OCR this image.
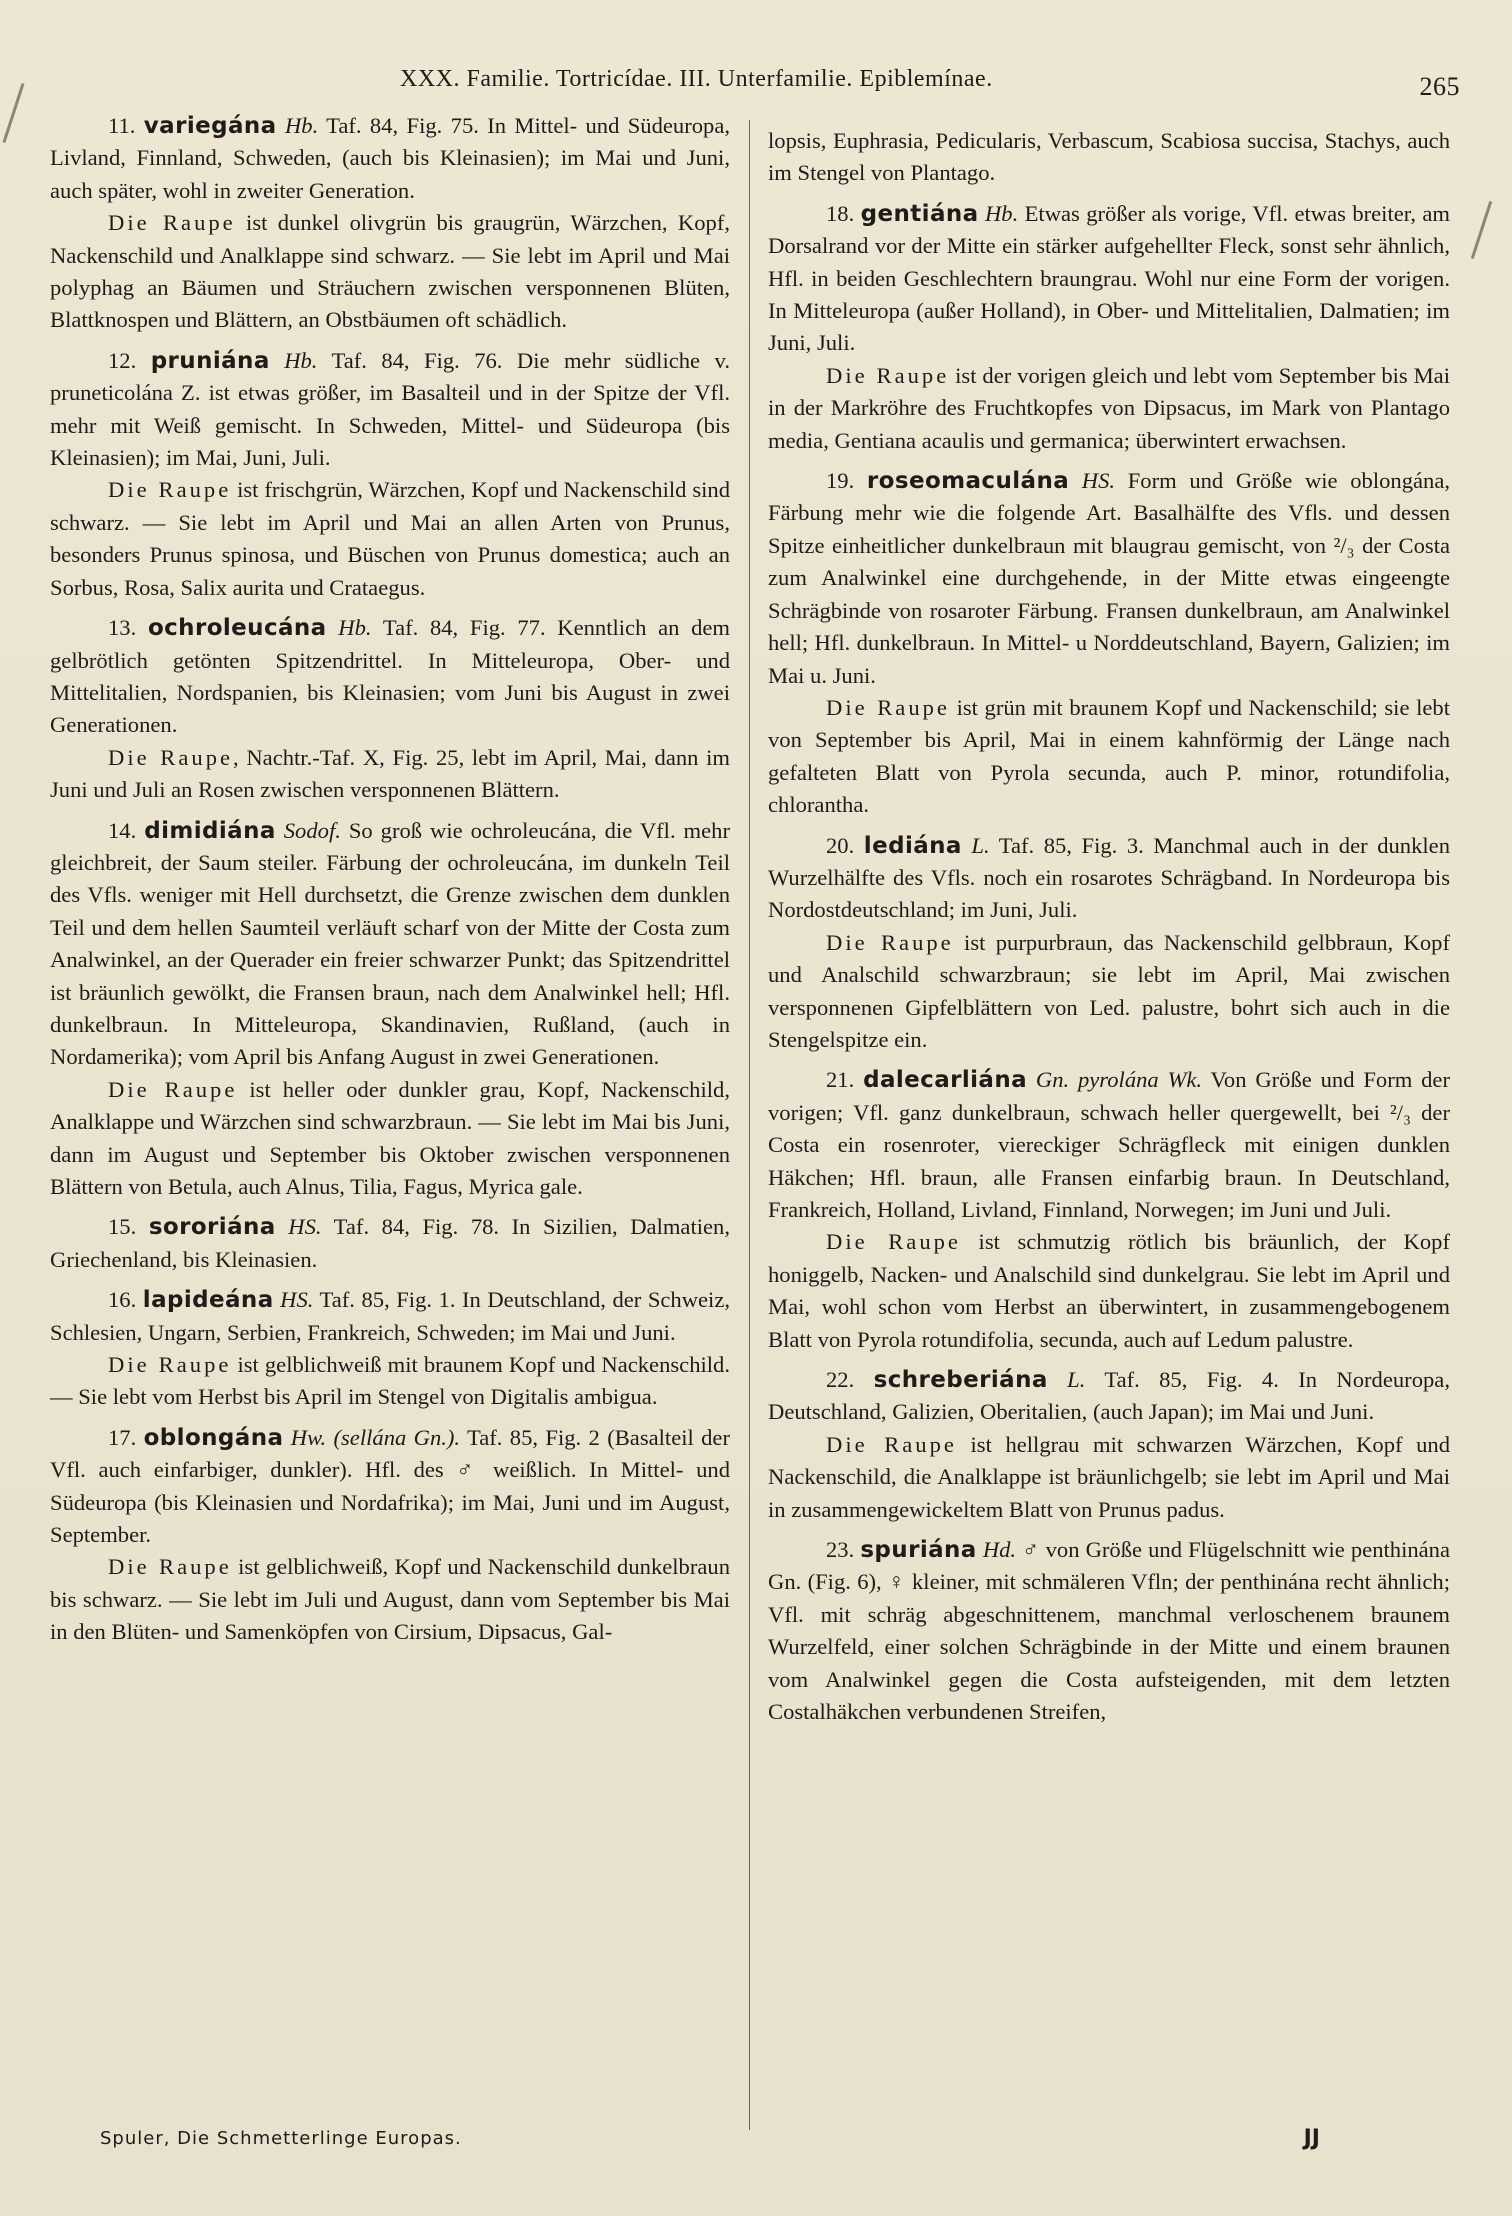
XXX. Familie. Tortricídae. III. Unterfamilie. Epiblemínae.	265

11. variegána Hb. Taf. 84, Fig. 75. In Mittel- und Südeuropa, Livland, Finnland, Schweden, (auch bis Kleinasien); im Mai und Juni, auch später, wohl in zweiter Generation.

Die Raupe ist dunkel olivgrün bis graugrün, Wärzchen, Kopf, Nackenschild und Analklappe sind schwarz. — Sie lebt im April und Mai polyphag an Bäumen und Sträuchern zwischen versponnenen Blüten, Blattknospen und Blättern, an Obstbäumen oft schädlich.

12. pruniána Hb. Taf. 84, Fig. 76. Die mehr südliche v. pruneticolána Z. ist etwas größer, im Basalteil und in der Spitze der Vfl. mehr mit Weiß gemischt. In Schweden, Mittel- und Südeuropa (bis Kleinasien); im Mai, Juni, Juli.

Die Raupe ist frischgrün, Wärzchen, Kopf und Nackenschild sind schwarz. — Sie lebt im April und Mai an allen Arten von Prunus, besonders Prunus spinosa, und Büschen von Prunus domestica; auch an Sorbus, Rosa, Salix aurita und Crataegus.

13. ochroleucána Hb. Taf. 84, Fig. 77. Kenntlich an dem gelbrötlich getönten Spitzendrittel. In Mitteleuropa, Ober- und Mittelitalien, Nordspanien, bis Kleinasien; vom Juni bis August in zwei Generationen.

Die Raupe, Nachtr.-Taf. X, Fig. 25, lebt im April, Mai, dann im Juni und Juli an Rosen zwischen versponnenen Blättern.

14. dimidiána Sodof. So groß wie ochroleucána, die Vfl. mehr gleichbreit, der Saum steiler. Färbung der ochroleucána, im dunkeln Teil des Vfls. weniger mit Hell durchsetzt, die Grenze zwischen dem dunklen Teil und dem hellen Saumteil verläuft scharf von der Mitte der Costa zum Analwinkel, an der Querader ein freier schwarzer Punkt; das Spitzendrittel ist bräunlich gewölkt, die Fransen braun, nach dem Analwinkel hell; Hfl. dunkelbraun. In Mitteleuropa, Skandinavien, Rußland, (auch in Nordamerika); vom April bis Anfang August in zwei Generationen.

Die Raupe ist heller oder dunkler grau, Kopf, Nackenschild, Analklappe und Wärzchen sind schwarzbraun. — Sie lebt im Mai bis Juni, dann im August und September bis Oktober zwischen versponnenen Blättern von Betula, auch Alnus, Tilia, Fagus, Myrica gale.

15. sororiána HS. Taf. 84, Fig. 78. In Sizilien, Dalmatien, Griechenland, bis Kleinasien.

16. lapideána HS. Taf. 85, Fig. 1. In Deutschland, der Schweiz, Schlesien, Ungarn, Serbien, Frankreich, Schweden; im Mai und Juni.

Die Raupe ist gelblichweiß mit braunem Kopf und Nackenschild. — Sie lebt vom Herbst bis April im Stengel von Digitalis ambigua.

17. oblongána Hw. (sellána Gn.). Taf. 85, Fig. 2 (Basalteil der Vfl. auch einfarbiger, dunkler). Hfl. des ♂ weißlich. In Mittel- und Südeuropa (bis Kleinasien und Nordafrika); im Mai, Juni und im August, September.

Die Raupe ist gelblichweiß, Kopf und Nackenschild dunkelbraun bis schwarz. — Sie lebt im Juli und August, dann vom September bis Mai in den Blüten- und Samenköpfen von Cirsium, Dipsacus, Gal-

lopsis, Euphrasia, Pedicularis, Verbascum, Scabiosa succisa, Stachys, auch im Stengel von Plantago.

18. gentiána Hb. Etwas größer als vorige, Vfl. etwas breiter, am Dorsalrand vor der Mitte ein stärker aufgehellter Fleck, sonst sehr ähnlich, Hfl. in beiden Geschlechtern braungrau. Wohl nur eine Form der vorigen. In Mitteleuropa (außer Holland), in Ober- und Mittelitalien, Dalmatien; im Juni, Juli.

Die Raupe ist der vorigen gleich und lebt vom September bis Mai in der Markröhre des Fruchtkopfes von Dipsacus, im Mark von Plantago media, Gentiana acaulis und germanica; überwintert erwachsen.

19. roseomaculána HS. Form und Größe wie oblongána, Färbung mehr wie die folgende Art. Basalhälfte des Vfls. und dessen Spitze einheitlicher dunkelbraun mit blaugrau gemischt, von ²/₃ der Costa zum Analwinkel eine durchgehende, in der Mitte etwas eingeengte Schrägbinde von rosaroter Färbung. Fransen dunkelbraun, am Analwinkel hell; Hfl. dunkelbraun. In Mittel- u Norddeutschland, Bayern, Galizien; im Mai u. Juni.

Die Raupe ist grün mit braunem Kopf und Nackenschild; sie lebt von September bis April, Mai in einem kahnförmig der Länge nach gefalteten Blatt von Pyrola secunda, auch P. minor, rotundifolia, chlorantha.

20. lediána L. Taf. 85, Fig. 3. Manchmal auch in der dunklen Wurzelhälfte des Vfls. noch ein rosarotes Schrägband. In Nordeuropa bis Nordostdeutschland; im Juni, Juli.

Die Raupe ist purpurbraun, das Nackenschild gelbbraun, Kopf und Analschild schwarzbraun; sie lebt im April, Mai zwischen versponnenen Gipfelblättern von Led. palustre, bohrt sich auch in die Stengelspitze ein.

21. dalecarliána Gn. pyrolána Wk. Von Größe und Form der vorigen; Vfl. ganz dunkelbraun, schwach heller quergewellt, bei ²/₃ der Costa ein rosenroter, viereckiger Schrägfleck mit einigen dunklen Häkchen; Hfl. braun, alle Fransen einfarbig braun. In Deutschland, Frankreich, Holland, Livland, Finnland, Norwegen; im Juni und Juli.

Die Raupe ist schmutzig rötlich bis bräunlich, der Kopf honiggelb, Nacken- und Analschild sind dunkelgrau. Sie lebt im April und Mai, wohl schon vom Herbst an überwintert, in zusammengebogenem Blatt von Pyrola rotundifolia, secunda, auch auf Ledum palustre.

22. schreberiána L. Taf. 85, Fig. 4. In Nordeuropa, Deutschland, Galizien, Oberitalien, (auch Japan); im Mai und Juni.

Die Raupe ist hellgrau mit schwarzen Wärzchen, Kopf und Nackenschild, die Analklappe ist bräunlichgelb; sie lebt im April und Mai in zusammengewickeltem Blatt von Prunus padus.

23. spuriána Hd. ♂ von Größe und Flügelschnitt wie penthinána Gn. (Fig. 6), ♀ kleiner, mit schmäleren Vfln; der penthinána recht ähnlich; Vfl. mit schräg abgeschnittenem, manchmal verloschenem braunem Wurzelfeld, einer solchen Schrägbinde in der Mitte und einem braunen vom Analwinkel gegen die Costa aufsteigenden, mit dem letzten Costalhäkchen verbundenen Streifen,

Spuler, Die Schmetterlinge Europas.	JJ
